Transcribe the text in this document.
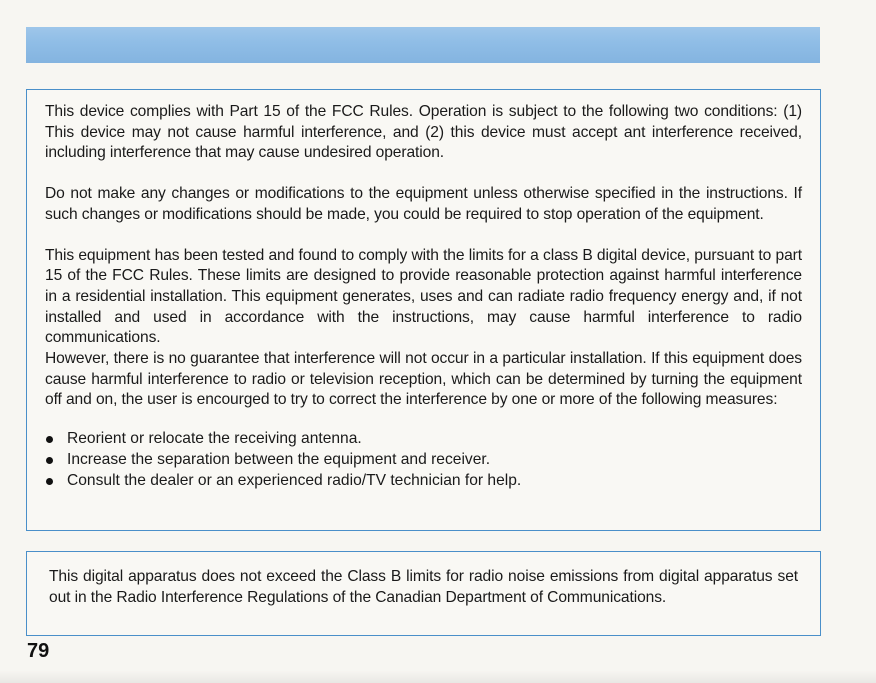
This device complies with Part 15 of the FCC Rules. Operation is subject to the following two conditions: (1) This device may not cause harmful interference, and (2) this device must accept ant interference received, including interference that may cause undesired operation.

Do not make any changes or modifications to the equipment unless otherwise specified in the instructions. If such changes or modifications should be made, you could be required to stop operation of the equipment.

This equipment has been tested and found to comply with the limits for a class B digital device, pursuant to part 15 of the FCC Rules. These limits are designed to provide reasonable protection against harmful interference in a residential installation. This equipment generates, uses and can radiate radio frequency energy and, if not installed and used in accordance with the instructions, may cause harmful interference to radio communications.

However, there is no guarantee that interference will not occur in a particular installation. If this equipment does cause harmful interference to radio or television reception, which can be determined by turning the equipment off and on, the user is encourged to try to correct the interference by one or more of the following measures:

Reorient or relocate the receiving antenna.
Increase the separation between the equipment and receiver.
Consult the dealer or an experienced radio/TV technician for help.

This digital apparatus does not exceed the Class B limits for radio noise emissions from digital apparatus set out in the Radio Interference Regulations of the Canadian Department of Communications.

79
